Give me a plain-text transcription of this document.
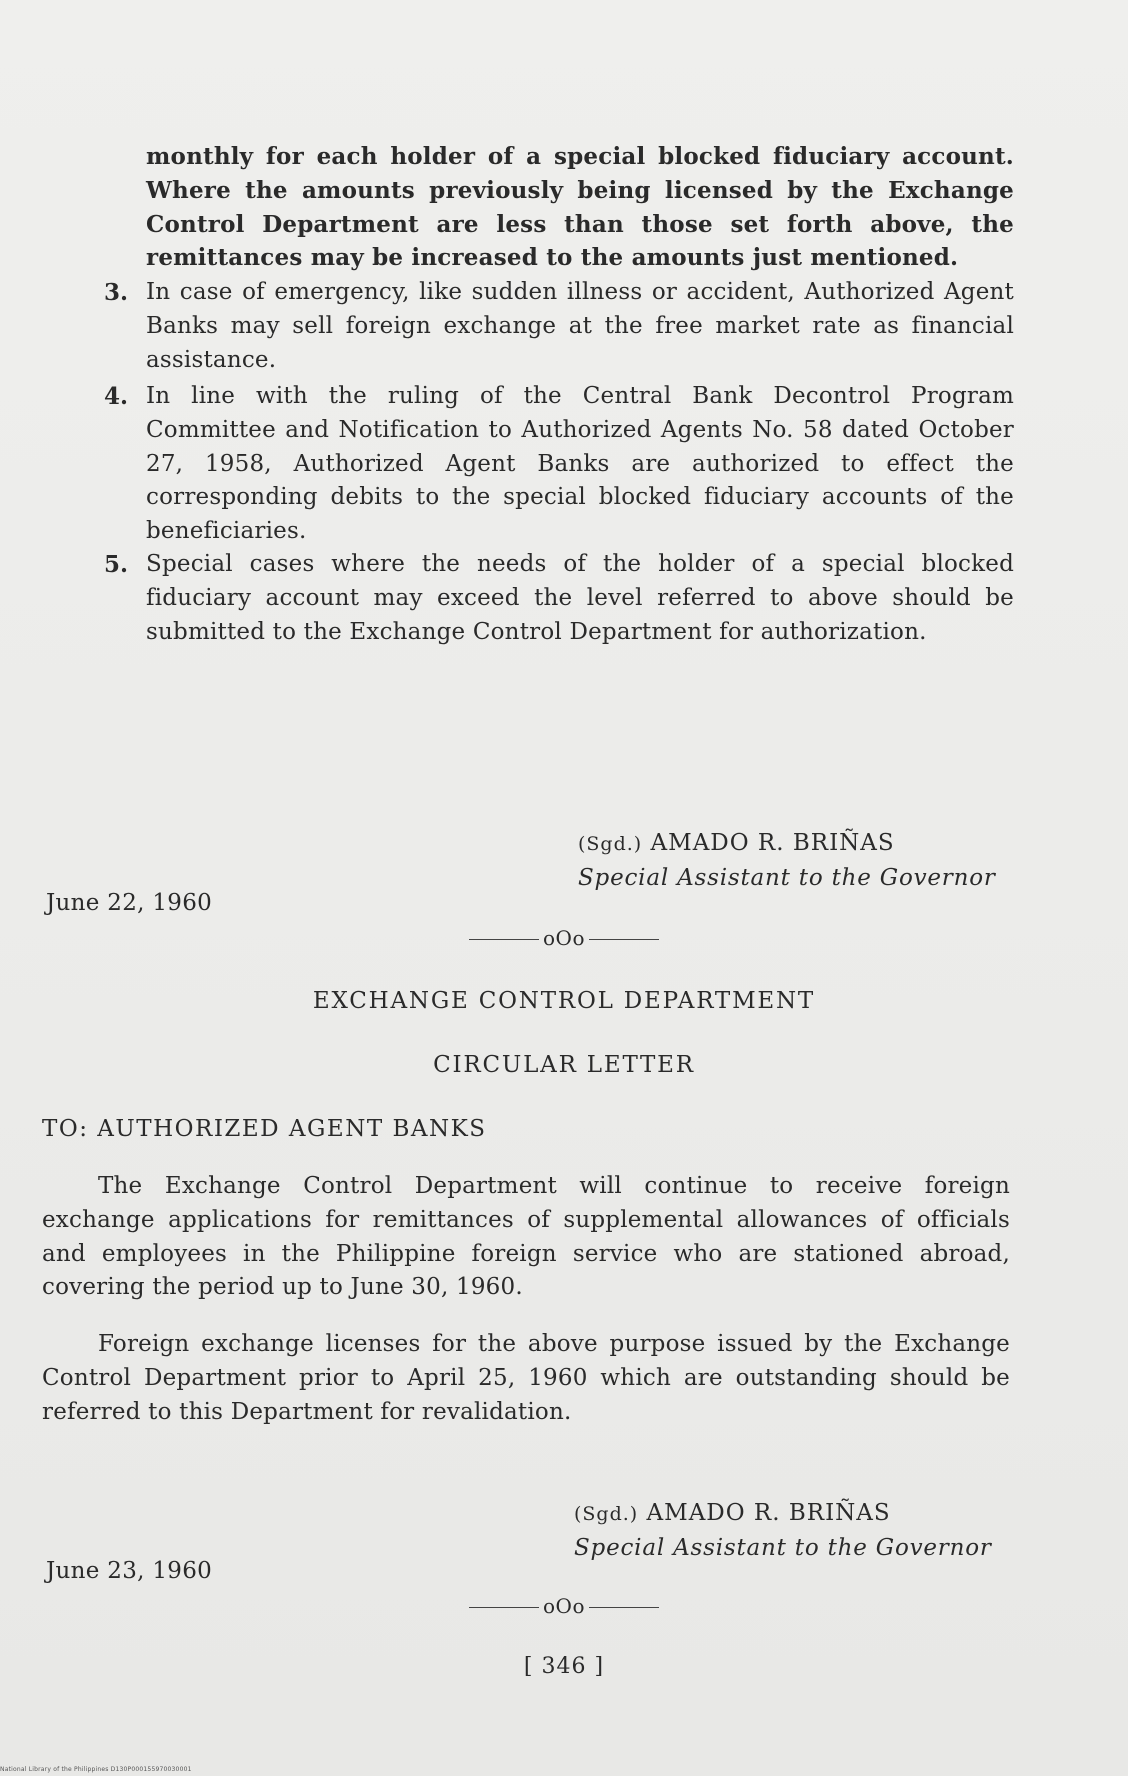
monthly for each holder of a special blocked fiduciary account. Where the amounts previously being licensed by the Exchange Control Department are less than those set forth above, the remittances may be increased to the amounts just mentioned.
3. In case of emergency, like sudden illness or accident, Authorized Agent Banks may sell foreign exchange at the free market rate as financial assistance.
4. In line with the ruling of the Central Bank Decontrol Program Committee and Notification to Authorized Agents No. 58 dated October 27, 1958, Authorized Agent Banks are authorized to effect the corresponding debits to the special blocked fiduciary accounts of the beneficiaries.
5. Special cases where the needs of the holder of a special blocked fiduciary account may exceed the level referred to above should be submitted to the Exchange Control Department for authorization.
(Sgd.) AMADO R. BRIÑAS
Special Assistant to the Governor
June 22, 1960
oOo
EXCHANGE CONTROL DEPARTMENT
CIRCULAR LETTER
TO: AUTHORIZED AGENT BANKS
The Exchange Control Department will continue to receive foreign exchange applications for remittances of supplemental allowances of officials and employees in the Philippine foreign service who are stationed abroad, covering the period up to June 30, 1960.
Foreign exchange licenses for the above purpose issued by the Exchange Control Department prior to April 25, 1960 which are outstanding should be referred to this Department for revalidation.
(Sgd.) AMADO R. BRIÑAS
Special Assistant to the Governor
June 23, 1960
oOo
[ 346 ]
National Library of the Philippines D130P000155970030001
